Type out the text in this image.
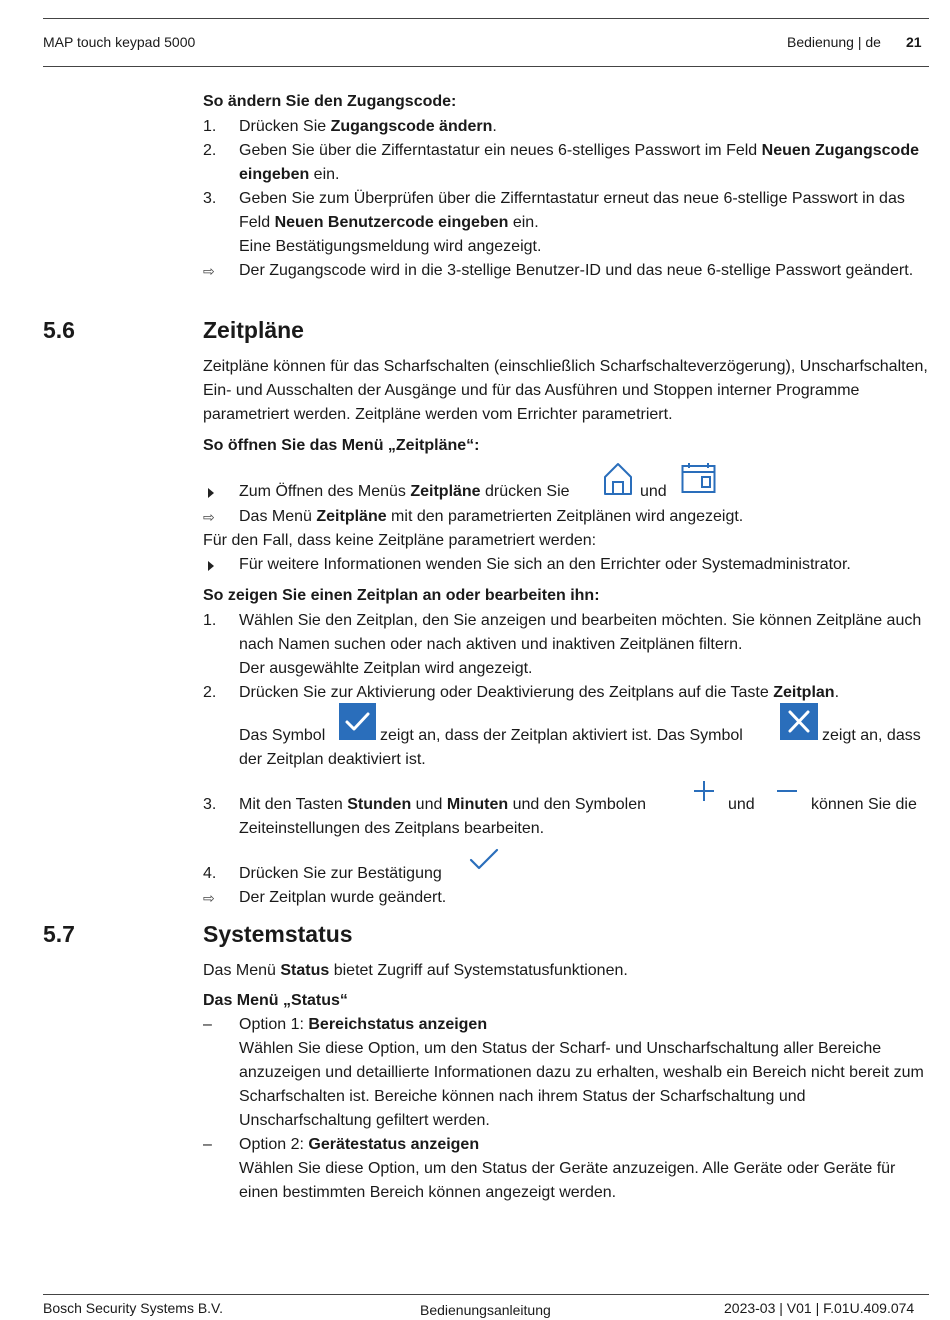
MAP touch keypad 5000	Bedienung | de 21
So ändern Sie den Zugangscode:
1.	Drücken Sie Zugangscode ändern.
2.	Geben Sie über die Zifferntastatur ein neues 6-stelliges Passwort im Feld Neuen Zugangscode eingeben ein.
3.	Geben Sie zum Überprüfen über die Zifferntastatur erneut das neue 6-stellige Passwort in das Feld Neuen Benutzercode eingeben ein.
Eine Bestätigungsmeldung wird angezeigt.
⇨	Der Zugangscode wird in die 3-stellige Benutzer-ID und das neue 6-stellige Passwort geändert.
5.6	Zeitpläne
Zeitpläne können für das Scharfschalten (einschließlich Scharfschalteverzögerung), Unscharfschalten, Ein- und Ausschalten der Ausgänge und für das Ausführen und Stoppen interner Programme parametriert werden. Zeitpläne werden vom Errichter parametriert.
So öffnen Sie das Menü „Zeitpläne“:
Zum Öffnen des Menüs Zeitpläne drücken Sie	und
⇨	Das Menü Zeitpläne mit den parametrierten Zeitplänen wird angezeigt.
Für den Fall, dass keine Zeitpläne parametriert werden:
Für weitere Informationen wenden Sie sich an den Errichter oder Systemadministrator.
So zeigen Sie einen Zeitplan an oder bearbeiten ihn:
1.	Wählen Sie den Zeitplan, den Sie anzeigen und bearbeiten möchten. Sie können Zeitpläne auch nach Namen suchen oder nach aktiven und inaktiven Zeitplänen filtern.
Der ausgewählte Zeitplan wird angezeigt.
2.	Drücken Sie zur Aktivierung oder Deaktivierung des Zeitplans auf die Taste Zeitplan.
Das Symbol	zeigt an, dass der Zeitplan aktiviert ist. Das Symbol	zeigt an, dass
der Zeitplan deaktiviert ist.
3.	Mit den Tasten Stunden und Minuten und den Symbolen	und	können Sie die
Zeiteinstellungen des Zeitplans bearbeiten.
4.	Drücken Sie zur Bestätigung
⇨	Der Zeitplan wurde geändert.
5.7	Systemstatus
Das Menü Status bietet Zugriff auf Systemstatusfunktionen.
Das Menü „Status“
–	Option 1: Bereichstatus anzeigen
Wählen Sie diese Option, um den Status der Scharf- und Unscharfschaltung aller Bereiche anzuzeigen und detaillierte Informationen dazu zu erhalten, weshalb ein Bereich nicht bereit zum Scharfschalten ist. Bereiche können nach ihrem Status der Scharfschaltung und Unscharfschaltung gefiltert werden.
–	Option 2: Gerätestatus anzeigen
Wählen Sie diese Option, um den Status der Geräte anzuzeigen. Alle Geräte oder Geräte für einen bestimmten Bereich können angezeigt werden.
Bosch Security Systems B.V.	Bedienungsanleitung	2023-03 | V01 | F.01U.409.074
